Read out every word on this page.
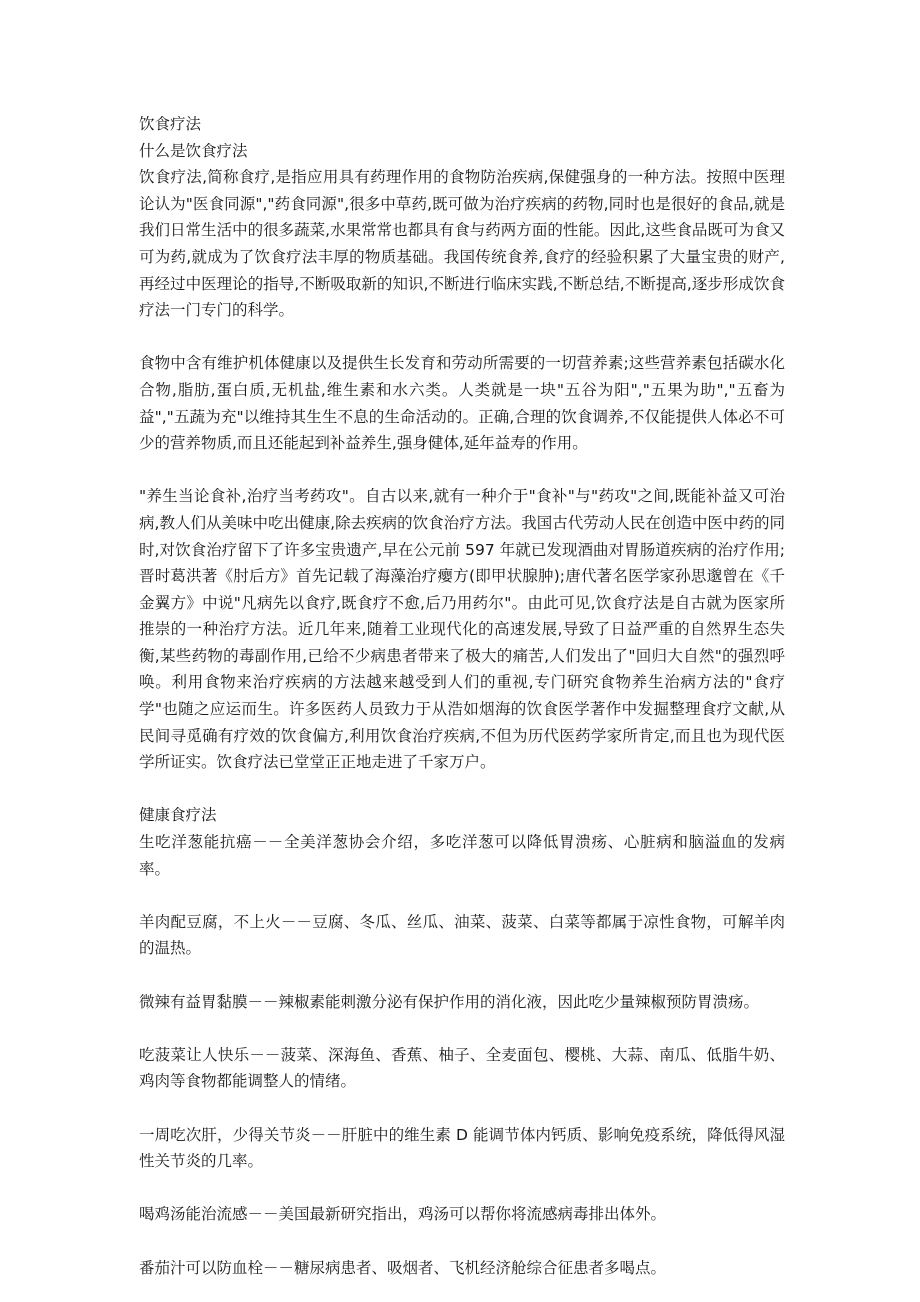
饮食疗法

什么是饮食疗法

饮食疗法,简称食疗,是指应用具有药理作用的食物防治疾病,保健强身的一种方法。按照中医理论认为"医食同源","药食同源",很多中草药,既可做为治疗疾病的药物,同时也是很好的食品,就是我们日常生活中的很多蔬菜,水果常常也都具有食与药两方面的性能。因此,这些食品既可为食又可为药,就成为了饮食疗法丰厚的物质基础。我国传统食养,食疗的经验积累了大量宝贵的财产,再经过中医理论的指导,不断吸取新的知识,不断进行临床实践,不断总结,不断提高,逐步形成饮食疗法一门专门的科学。

食物中含有维护机体健康以及提供生长发育和劳动所需要的一切营养素;这些营养素包括碳水化合物,脂肪,蛋白质,无机盐,维生素和水六类。人类就是一块"五谷为阳","五果为助","五畜为益","五蔬为充"以维持其生生不息的生命活动的。正确,合理的饮食调养,不仅能提供人体必不可少的营养物质,而且还能起到补益养生,强身健体,延年益寿的作用。

"养生当论食补,治疗当考药攻"。自古以来,就有一种介于"食补"与"药攻"之间,既能补益又可治病,教人们从美味中吃出健康,除去疾病的饮食治疗方法。我国古代劳动人民在创造中医中药的同时,对饮食治疗留下了许多宝贵遗产,早在公元前 597 年就已发现酒曲对胃肠道疾病的治疗作用;晋时葛洪著《肘后方》首先记载了海藻治疗瘿方(即甲状腺肿);唐代著名医学家孙思邈曾在《千金翼方》中说"凡病先以食疗,既食疗不愈,后乃用药尔"。由此可见,饮食疗法是自古就为医家所推崇的一种治疗方法。近几年来,随着工业现代化的高速发展,导致了日益严重的自然界生态失衡,某些药物的毒副作用,已给不少病患者带来了极大的痛苦,人们发出了"回归大自然"的强烈呼唤。利用食物来治疗疾病的方法越来越受到人们的重视,专门研究食物养生治病方法的"食疗学"也随之应运而生。许多医药人员致力于从浩如烟海的饮食医学著作中发掘整理食疗文献,从民间寻觅确有疗效的饮食偏方,利用饮食治疗疾病,不但为历代医药学家所肯定,而且也为现代医学所证实。饮食疗法已堂堂正正地走进了千家万户。

健康食疗法

生吃洋葱能抗癌－－全美洋葱协会介绍，多吃洋葱可以降低胃溃疡、心脏病和脑溢血的发病率。

羊肉配豆腐，不上火－－豆腐、冬瓜、丝瓜、油菜、菠菜、白菜等都属于凉性食物，可解羊肉的温热。

微辣有益胃黏膜－－辣椒素能刺激分泌有保护作用的消化液，因此吃少量辣椒预防胃溃疡。

吃菠菜让人快乐－－菠菜、深海鱼、香蕉、柚子、全麦面包、樱桃、大蒜、南瓜、低脂牛奶、鸡肉等食物都能调整人的情绪。

一周吃次肝，少得关节炎－－肝脏中的维生素 D 能调节体内钙质、影响免疫系统，降低得风湿性关节炎的几率。

喝鸡汤能治流感－－美国最新研究指出，鸡汤可以帮你将流感病毒排出体外。

番茄汁可以防血栓－－糖尿病患者、吸烟者、飞机经济舱综合征患者多喝点。
